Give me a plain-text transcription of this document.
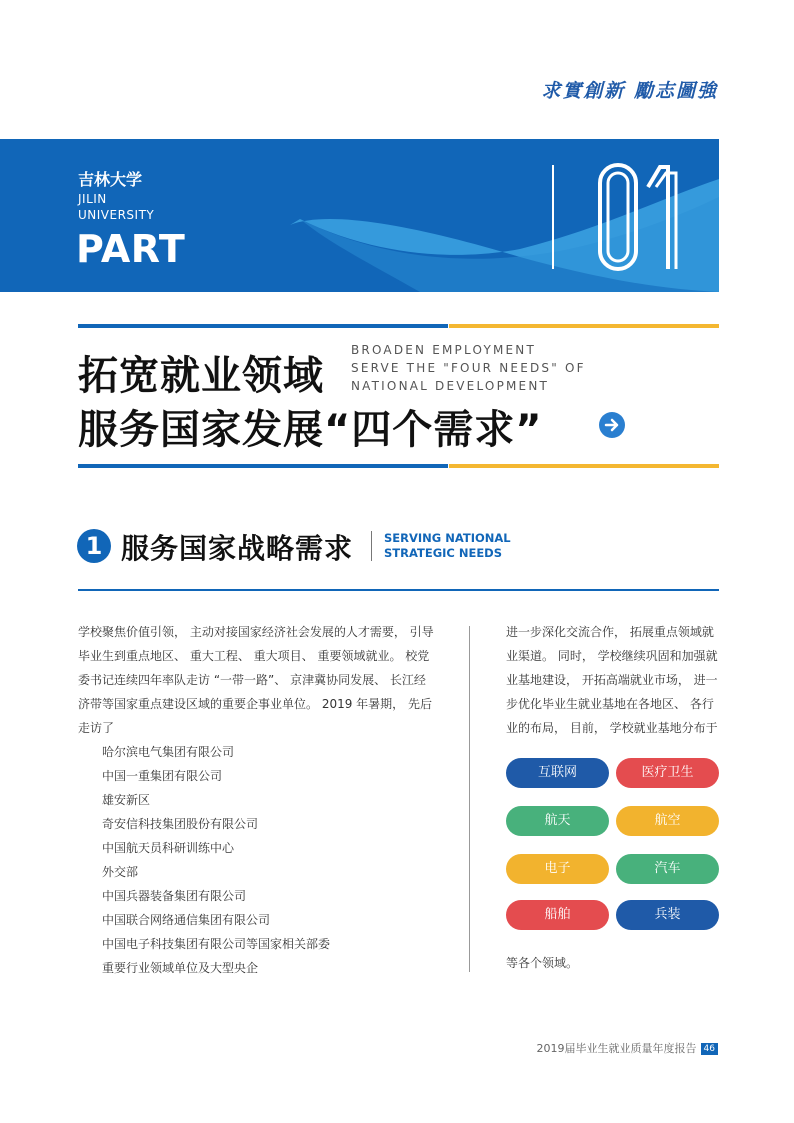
求實創新 勵志圖強
吉林大学
JILIN
UNIVERSITY
PART
01
拓宽就业领域
BROADEN EMPLOYMENT
SERVE THE "FOUR NEEDS" OF
NATIONAL DEVELOPMENT
服务国家发展“四个需求”
1 服务国家战略需求	SERVING NATIONAL
STRATEGIC NEEDS
学校聚焦价值引领， 主动对接国家经济社会发展的人才需要， 引导毕业生到重点地区、 重大工程、 重大项目、 重要领域就业。 校党委书记连续四年率队走访 “一带一路”、 京津冀协同发展、 长江经济带等国家重点建设区域的重要企事业单位。 2019 年暑期， 先后走访了
哈尔滨电气集团有限公司
中国一重集团有限公司
雄安新区
奇安信科技集团股份有限公司
中国航天员科研训练中心
外交部
中国兵器装备集团有限公司
中国联合网络通信集团有限公司
中国电子科技集团有限公司等国家相关部委
重要行业领域单位及大型央企
进一步深化交流合作， 拓展重点领域就业渠道。 同时， 学校继续巩固和加强就业基地建设， 开拓高端就业市场， 进一步优化毕业生就业基地在各地区、 各行业的布局， 目前， 学校就业基地分布于
互联网	医疗卫生
航天	航空
电子	汽车
船舶	兵装
等各个领域。
2019届毕业生就业质量年度报告 46
